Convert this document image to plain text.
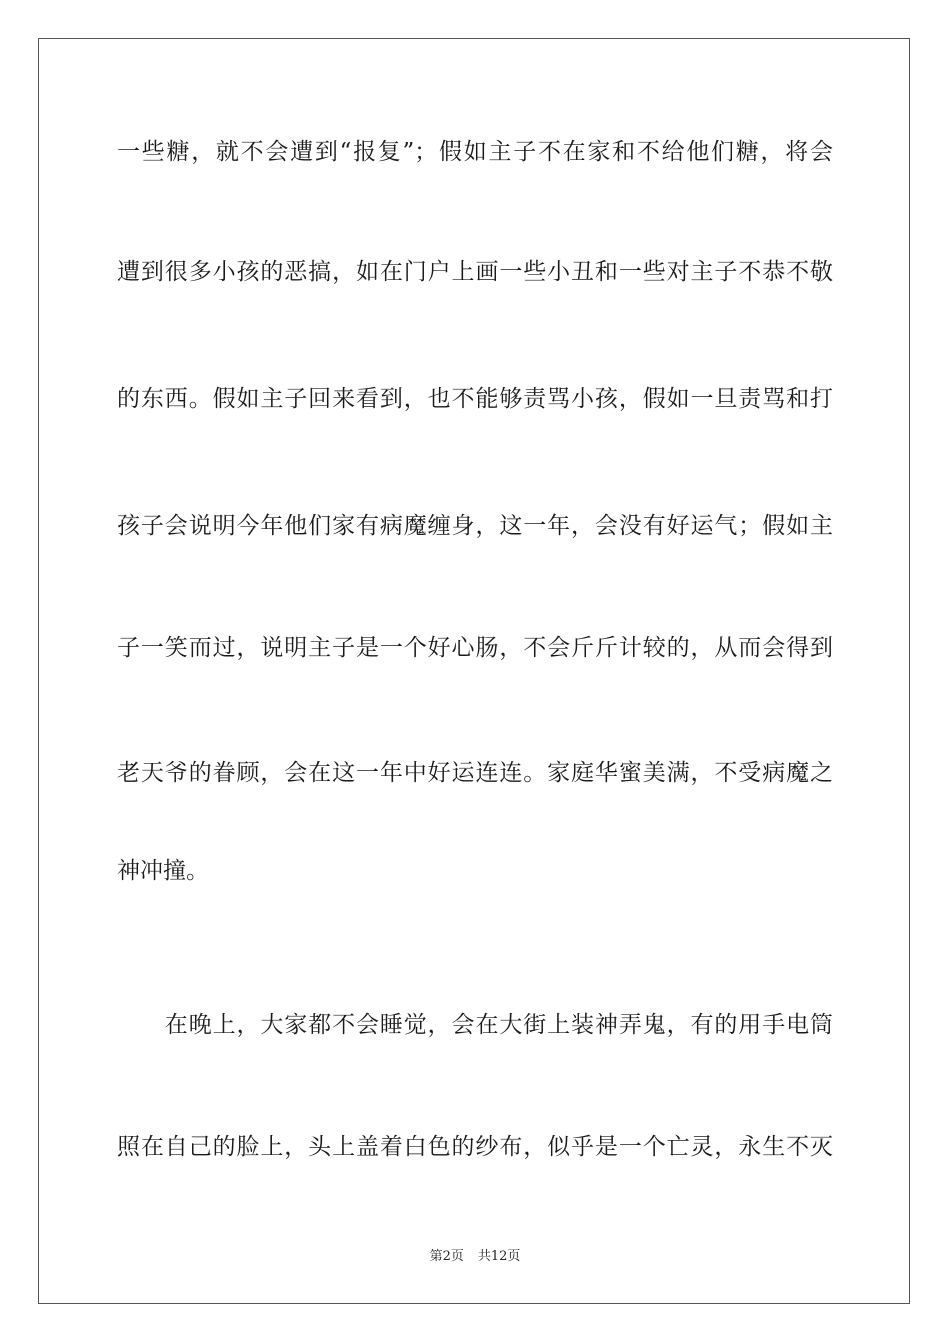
一些糖，就不会遭到“报复”；假如主子不在家和不给他们糖，将会
遭到很多小孩的恶搞，如在门户上画一些小丑和一些对主子不恭不敬
的东西。假如主子回来看到，也不能够责骂小孩，假如一旦责骂和打
孩子会说明今年他们家有病魔缠身，这一年，会没有好运气；假如主
子一笑而过，说明主子是一个好心肠，不会斤斤计较的，从而会得到
老天爷的眷顾，会在这一年中好运连连。家庭华蜜美满，不受病魔之
神冲撞。
　　在晚上，大家都不会睡觉，会在大街上装神弄鬼，有的用手电筒
照在自己的脸上，头上盖着白色的纱布，似乎是一个亡灵，永生不灭
第2页 共12页
